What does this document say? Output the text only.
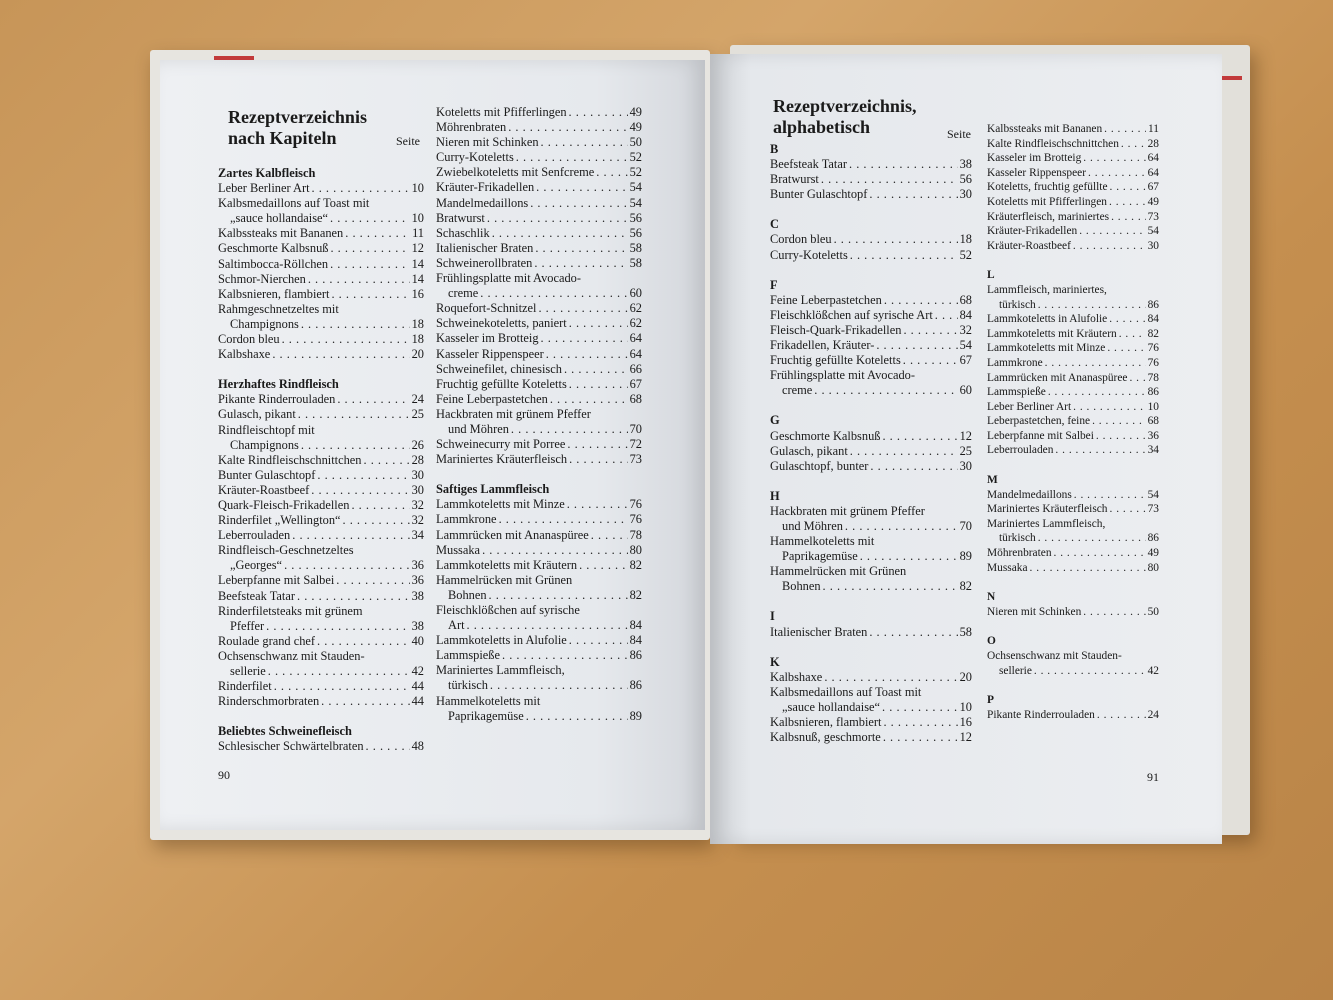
Rezeptverzeichnis
nach Kapiteln	Seite
Zartes Kalbfleisch
Leber Berliner Art . . .	10
Kalbsmedaillons auf Toast mit
„sauce hollandaise“ . . .	10
Kalbssteaks mit Bananen . . .	11
Geschmorte Kalbsnuß . . .	12
Saltimbocca-Röllchen . . .	14
Schmor-Nierchen . . .	14
Kalbsnieren, flambiert . . .	16
Rahmgeschnetzeltes mit
Champignons . . .	18
Cordon bleu . . .	18
Kalbshaxe . . .	20
Herzhaftes Rindfleisch
Pikante Rinderrouladen . . .	24
Gulasch, pikant . . .	25
Rindfleischtopf mit
Champignons . . .	26
Kalte Rindfleischschnittchen . . .	28
Bunter Gulaschtopf . . .	30
Kräuter-Roastbeef . . .	30
Quark-Fleisch-Frikadellen . . .	32
Rinderfilet „Wellington“ . . .	32
Leberrouladen . . .	34
Rindfleisch-Geschnetzeltes
„Georges“ . . .	36
Leberpfanne mit Salbei . . .	36
Beefsteak Tatar . . .	38
Rinderfiletsteaks mit grünem
Pfeffer . . .	38
Roulade grand chef . . .	40
Ochsenschwanz mit Stauden-
sellerie . . .	42
Rinderfilet . . .	44
Rinderschmorbraten . . .	44
Beliebtes Schweinefleisch
Schlesischer Schwärtelbraten . . .	48
Koteletts mit Pfifferlingen . . .	49
Möhrenbraten . . .	49
Nieren mit Schinken . . .	50
Curry-Koteletts . . .	52
Zwiebelkoteletts mit Senfcreme . . .	52
Kräuter-Frikadellen . . .	54
Mandelmedaillons . . .	54
Bratwurst . . .	56
Schaschlik . . .	56
Italienischer Braten . . .	58
Schweinerollbraten . . .	58
Frühlingsplatte mit Avocado-
creme . . .	60
Roquefort-Schnitzel . . .	62
Schweinekoteletts, paniert . . .	62
Kasseler im Brotteig . . .	64
Kasseler Rippenspeer . . .	64
Schweinefilet, chinesisch . . .	66
Fruchtig gefüllte Koteletts . . .	67
Feine Leberpastetchen . . .	68
Hackbraten mit grünem Pfeffer
und Möhren . . .	70
Schweinecurry mit Porree . . .	72
Mariniertes Kräuterfleisch . . .	73
Saftiges Lammfleisch
Lammkoteletts mit Minze . . .	76
Lammkrone . . .	76
Lammrücken mit Ananaspüree . . .	78
Mussaka . . .	80
Lammkoteletts mit Kräutern . . .	82
Hammelrücken mit Grünen
Bohnen . . .	82
Fleischklößchen auf syrische
Art . . .	84
Lammkoteletts in Alufolie . . .	84
Lammspieße . . .	86
Mariniertes Lammfleisch,
türkisch . . .	86
Hammelkoteletts mit
Paprikagemüse . . .	89
90
Rezeptverzeichnis,
alphabetisch	Seite
B
Beefsteak Tatar . . .	38
Bratwurst . . .	56
Bunter Gulaschtopf . . .	30
C
Cordon bleu . . .	18
Curry-Koteletts . . .	52
F
Feine Leberpastetchen . . .	68
Fleischklößchen auf syrische Art . . . 84
Fleisch-Quark-Frikadellen . . .	32
Frikadellen, Kräuter- . . .	54
Fruchtig gefüllte Koteletts . . .	67
Frühlingsplatte mit Avocado-
creme . . .	60
G
Geschmorte Kalbsnuß . . .	12
Gulasch, pikant . . .	25
Gulaschtopf, bunter . . .	30
H
Hackbraten mit grünem Pfeffer
und Möhren . . .	70
Hammelkoteletts mit
Paprikagemüse . . .	89
Hammelrücken mit Grünen
Bohnen . . .	82
I
Italienischer Braten . . .	58
K
Kalbshaxe . . .	20
Kalbsmedaillons auf Toast mit
„sauce hollandaise“ . . .	10
Kalbsnieren, flambiert . . .	16
Kalbsnuß, geschmorte . . .	12
Kalbssteaks mit Bananen . . .	11
Kalte Rindfleischschnittchen . . .	28
Kasseler im Brotteig . . .	64
Kasseler Rippenspeer . . .	64
Koteletts, fruchtig gefüllte . . .	67
Koteletts mit Pfifferlingen . . .	49
Kräuterfleisch, mariniertes . . .	73
Kräuter-Frikadellen . . .	54
Kräuter-Roastbeef . . .	30
L
Lammfleisch, mariniertes,
türkisch . . .	86
Lammkoteletts in Alufolie . . .	84
Lammkoteletts mit Kräutern . . .	82
Lammkoteletts mit Minze . . .	76
Lammkrone . . .	76
Lammrücken mit Ananaspüree . . . 78
Lammspieße . . .	86
Leber Berliner Art . . .	10
Leberpastetchen, feine . . .	68
Leberpfanne mit Salbei . . .	36
Leberrouladen . . .	34
M
Mandelmedaillons . . .	54
Mariniertes Kräuterfleisch . . .	73
Mariniertes Lammfleisch,
türkisch . . .	86
Möhrenbraten . . .	49
Mussaka . . .	80
N
Nieren mit Schinken . . .	50
O
Ochsenschwanz mit Stauden-
sellerie . . .	42
P
Pikante Rinderrouladen . . .	24
91
